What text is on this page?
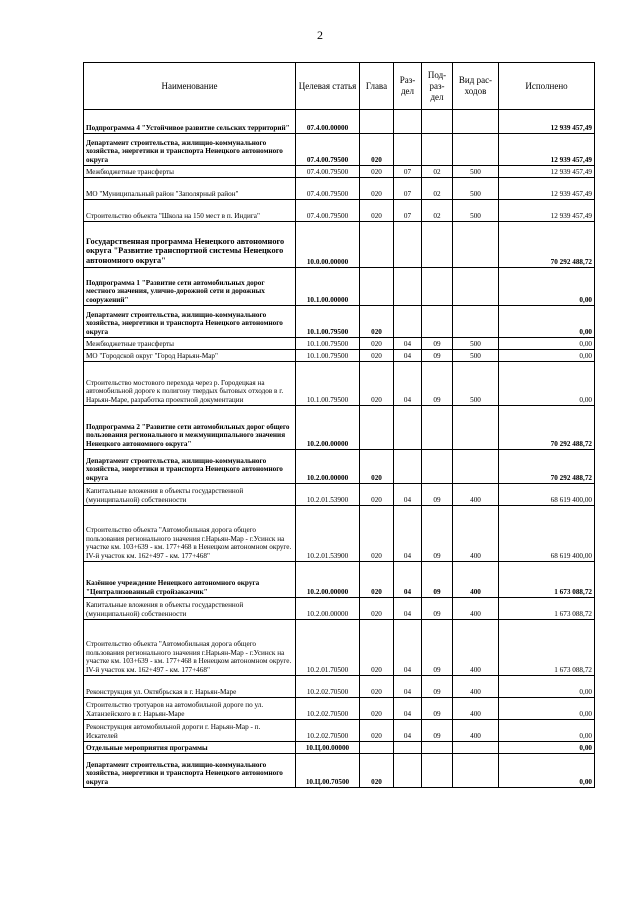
2
Наименование	Целевая статья	Глава	Раз-дел	Под-раз-дел	Вид рас-ходов	Исполнено
Подпрограмма 4 "Устойчивое развитие сельских территорий"	07.4.00.00000					12 939 457,49
Департамент строительства, жилищно-коммунального хозяйства, энергетики и транспорта Ненецкого автономного округа	07.4.00.79500	020				12 939 457,49
Межбюджетные трансферты	07.4.00.79500	020	07	02	500	12 939 457,49
МО "Муниципальный район "Заполярный район"	07.4.00.79500	020	07	02	500	12 939 457,49
Строительство объекта "Школа на 150 мест в п. Индига"	07.4.00.79500	020	07	02	500	12 939 457,49
Государственная программа Ненецкого автономного округа "Развитие транспортной системы Ненецкого автономного округа"	10.0.00.00000					70 292 488,72
Подпрограмма 1 "Развитие сети автомобильных дорог местного значения, улично-дорожной сети и дорожных сооружений"	10.1.00.00000					0,00
Департамент строительства, жилищно-коммунального хозяйства, энергетики и транспорта Ненецкого автономного округа	10.1.00.79500	020				0,00
Межбюджетные трансферты	10.1.00.79500	020	04	09	500	0,00
МО "Городской округ "Город Нарьян-Мар"	10.1.00.79500	020	04	09	500	0,00
Строительство мостового перехода через р. Городецкая на автомобильной дороге к полигону твердых бытовых отходов в г. Нарьян-Маре, разработка проектной документации	10.1.00.79500	020	04	09	500	0,00
Подпрограмма 2 "Развитие сети автомобильных дорог общего пользования регионального и межмуниципального значения Ненецкого автономного округа"	10.2.00.00000					70 292 488,72
Департамент строительства, жилищно-коммунального хозяйства, энергетики и транспорта Ненецкого автономного округа	10.2.00.00000	020				70 292 488,72
Капитальные вложения в объекты государственной (муниципальной) собственности	10.2.01.53900	020	04	09	400	68 619 400,00
Строительство объекта "Автомобильная дорога общего пользования регионального значения г.Нарьян-Мар - г.Усинск на участке км. 103+639 - км. 177+468 в Ненецком автономном округе. IV-й участок км. 162+497 - км. 177+468"	10.2.01.53900	020	04	09	400	68 619 400,00
Казённое учреждение Ненецкого автономного округа "Централизованный стройзаказчик"	10.2.00.00000	020	04	09	400	1 673 088,72
Капитальные вложения в объекты государственной (муниципальной) собственности	10.2.00.00000	020	04	09	400	1 673 088,72
Строительство объекта "Автомобильная дорога общего пользования регионального значения г.Нарьян-Мар - г.Усинск на участке км. 103+639 - км. 177+468 в Ненецком автономном округе. IV-й участок км. 162+497 - км. 177+468"	10.2.01.70500	020	04	09	400	1 673 088,72
Реконструкция ул. Октябрьская в г. Нарьян-Маре	10.2.02.70500	020	04	09	400	0,00
Строительство тротуаров на автомобильной дороге по ул. Хатанзейского в г. Нарьян-Маре	10.2.02.70500	020	04	09	400	0,00
Реконструкция автомобильной дороги г. Нарьян-Мар - п. Искателей	10.2.02.70500	020	04	09	400	0,00
Отдельные мероприятия программы	10.Ц.00.00000					0,00
Департамент строительства, жилищно-коммунального хозяйства, энергетики и транспорта Ненецкого автономного округа	10.Ц.00.70500	020				0,00
